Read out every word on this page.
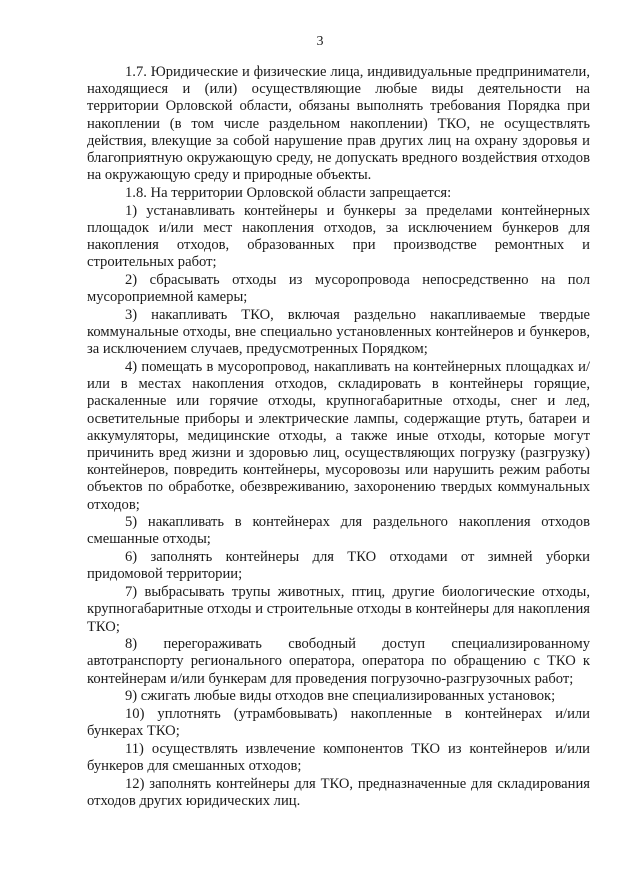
3

1.7. Юридические и физические лица, индивидуальные предприниматели, находящиеся и (или) осуществляющие любые виды деятельности на территории Орловской области, обязаны выполнять требования Порядка при накоплении (в том числе раздельном накоплении) ТКО, не осуществлять действия, влекущие за собой нарушение прав других лиц на охрану здоровья и благоприятную окружающую среду, не допускать вредного воздействия отходов на окружающую среду и природные объекты.

1.8. На территории Орловской области запрещается:

1) устанавливать контейнеры и бункеры за пределами контейнерных площадок и/или мест накопления отходов, за исключением бункеров для накопления отходов, образованных при производстве ремонтных и строительных работ;

2) сбрасывать отходы из мусоропровода непосредственно на пол мусороприемной камеры;

3) накапливать ТКО, включая раздельно накапливаемые твердые коммунальные отходы, вне специально установленных контейнеров и бункеров, за исключением случаев, предусмотренных Порядком;

4) помещать в мусоропровод, накапливать на контейнерных площадках и/или в местах накопления отходов, складировать в контейнеры горящие, раскаленные или горячие отходы, крупногабаритные отходы, снег и лед, осветительные приборы и электрические лампы, содержащие ртуть, батареи и аккумуляторы, медицинские отходы, а также иные отходы, которые могут причинить вред жизни и здоровью лиц, осуществляющих погрузку (разгрузку) контейнеров, повредить контейнеры, мусоровозы или нарушить режим работы объектов по обработке, обезвреживанию, захоронению твердых коммунальных отходов;

5) накапливать в контейнерах для раздельного накопления отходов смешанные отходы;

6) заполнять контейнеры для ТКО отходами от зимней уборки придомовой территории;

7) выбрасывать трупы животных, птиц, другие биологические отходы, крупногабаритные отходы и строительные отходы в контейнеры для накопления ТКО;

8) перегораживать свободный доступ специализированному автотранспорту регионального оператора, оператора по обращению с ТКО к контейнерам и/или бункерам для проведения погрузочно-разгрузочных работ;

9) сжигать любые виды отходов вне специализированных установок;

10) уплотнять (утрамбовывать) накопленные в контейнерах и/или бункерах ТКО;

11) осуществлять извлечение компонентов ТКО из контейнеров и/или бункеров для смешанных отходов;

12) заполнять контейнеры для ТКО, предназначенные для складирования отходов других юридических лиц.
